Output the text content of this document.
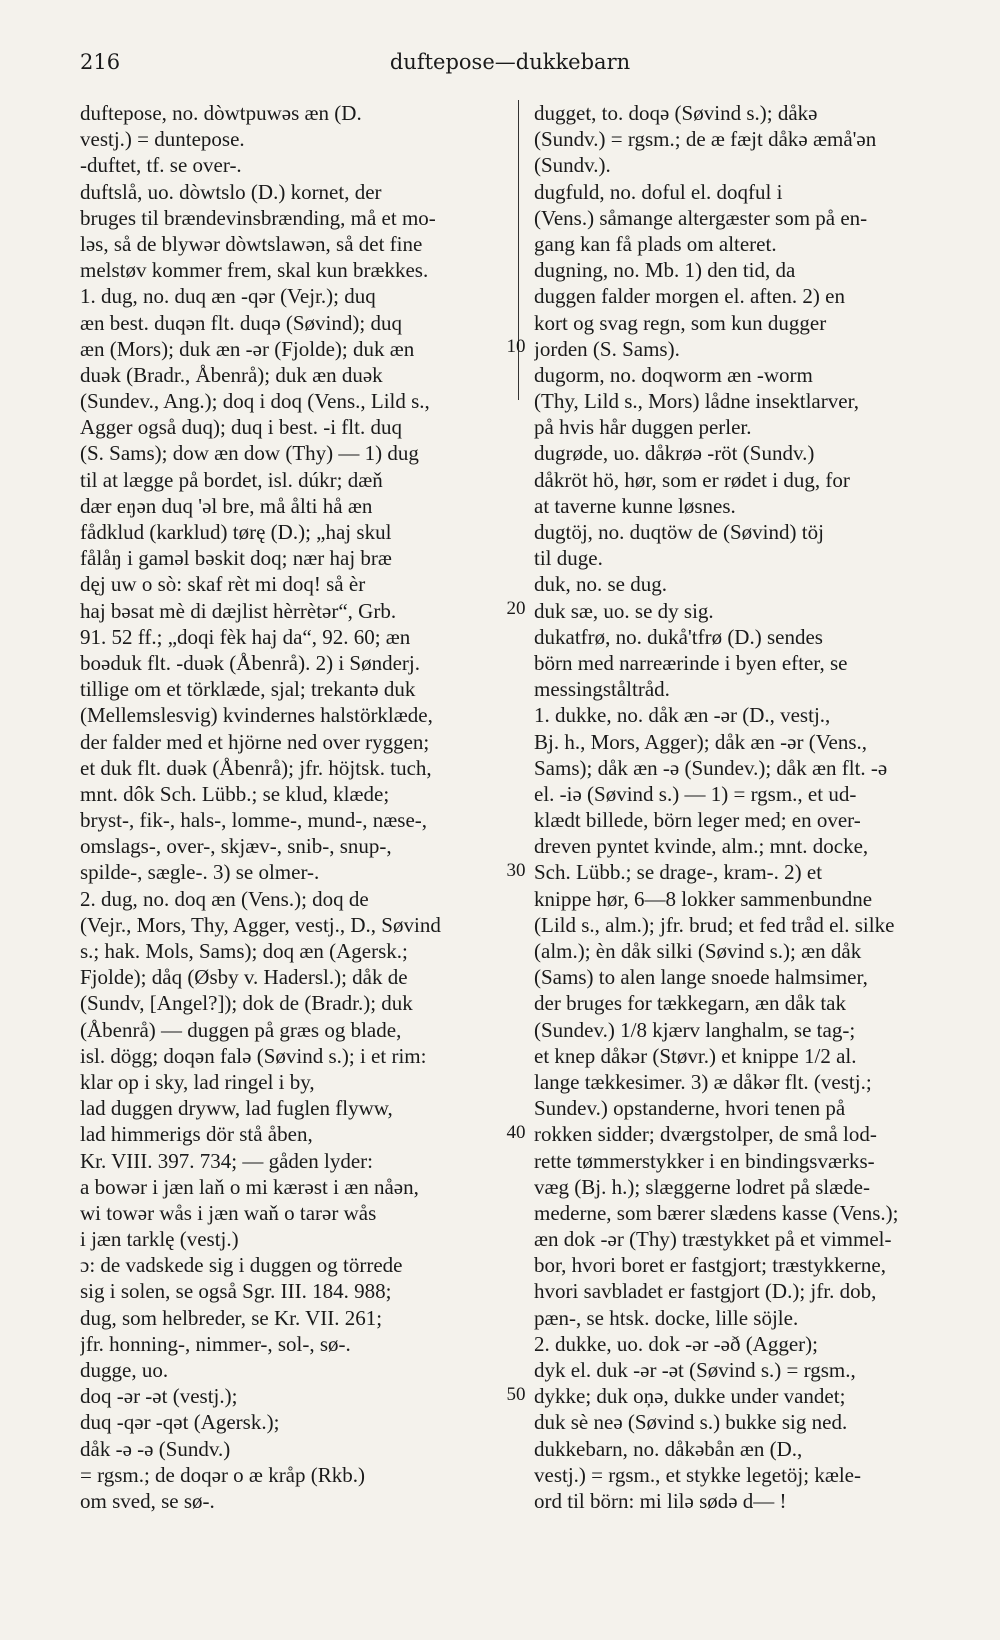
216	duftepose—dukkebarn
duftepose, no. dòwtpuwəs æn (D.
vestj.) = duntepose.
-duftet, tf. se over-.
duftslå, uo. dòwtslo (D.) kornet, der
bruges til brændevinsbrænding, må et mo-
ləs, så de blywər dòwtslawən, så det fine
melstøv kommer frem, skal kun brækkes.
1. dug, no. duq æn -qər (Vejr.); duq
æn best. duqən flt. duqə (Søvind); duq
æn (Mors); duk æn -ər (Fjolde); duk æn
duək (Bradr., Åbenrå); duk æn duək
(Sundev., Ang.); doq i doq (Vens., Lild s.,
Agger også duq); duq i best. -i flt. duq
(S. Sams); dow æn dow (Thy) — 1) dug
til at lægge på bordet, isl. dúkr; dæň
dær eŋən duq 'əl bre, må ålti hå æn
fådklud (karklud) tørę (D.); „haj skul
fålåŋ i gaməl bəskit doq; nær haj bræ
dęj uw o sò: skaf rèt mi doq! så èr
haj bəsat mè di dæjlist hèrrètər“, Grb.
91. 52 ff.; „doqi fèk haj da“, 92. 60; æn
boəduk flt. -duək (Åbenrå). 2) i Sønderj.
tillige om et törklæde, sjal; trekantə duk
(Mellemslesvig) kvindernes halstörklæde,
der falder med et hjörne ned over ryggen;
et duk flt. duək (Åbenrå); jfr. höjtsk. tuch,
mnt. dôk Sch. Lübb.; se klud, klæde;
bryst-, fik-, hals-, lomme-, mund-, næse-,
omslags-, over-, skjæv-, snib-, snup-,
spilde-, sægle-. 3) se olmer-.
2. dug, no. doq æn (Vens.); doq de
(Vejr., Mors, Thy, Agger, vestj., D., Søvind
s.; hak. Mols, Sams); doq æn (Agersk.;
Fjolde); dåq (Øsby v. Hadersl.); dåk de
(Sundv, [Angel?]); dok de (Bradr.); duk
(Åbenrå) — duggen på græs og blade,
isl. dögg; doqən falə (Søvind s.); i et rim:
klar op i sky, lad ringel i by,
lad duggen dryww, lad fuglen flyww,
lad himmerigs dör stå åben,
Kr. VIII. 397. 734; — gåden lyder:
a bowər i jæn laň o mi kærəst i æn nåən,
wi towər wås i jæn waň o tarər wås
i jæn tarklę (vestj.)
ɔ: de vadskede sig i duggen og törrede
sig i solen, se også Sgr. III. 184. 988;
dug, som helbreder, se Kr. VII. 261;
jfr. honning-, nimmer-, sol-, sø-.
dugge, uo.
doq -ər -ət (vestj.);
duq -qər -qət (Agersk.);
dåk -ə -ə (Sundv.)
= rgsm.; de doqər o æ kråp (Rkb.)
om sved, se sø-.
dugget, to. doqə (Søvind s.); dåkə
(Sundv.) = rgsm.; de æ fæjt dåkə æmå'ən
(Sundv.).
dugfuld, no. doful el. doqful i
(Vens.) såmange altergæster som på en-
gang kan få plads om alteret.
dugning, no. Mb. 1) den tid, da
duggen falder morgen el. aften. 2) en
kort og svag regn, som kun dugger
jorden (S. Sams).
dugorm, no. doqworm æn -worm
(Thy, Lild s., Mors) lådne insektlarver,
på hvis hår duggen perler.
dugrøde, uo. dåkrøə -röt (Sundv.)
dåkröt hö, hør, som er rødet i dug, for
at taverne kunne løsnes.
dugtöj, no. duqtöw de (Søvind) töj
til duge.
duk, no. se dug.
duk sæ, uo. se dy sig.
dukatfrø, no. dukå'tfrø (D.) sendes
börn med narreærinde i byen efter, se
messingståltråd.
1. dukke, no. dåk æn -ər (D., vestj.,
Bj. h., Mors, Agger); dåk æn -ər (Vens.,
Sams); dåk æn -ə (Sundev.); dåk æn flt. -ə
el. -iə (Søvind s.) — 1) = rgsm., et ud-
klædt billede, börn leger med; en over-
dreven pyntet kvinde, alm.; mnt. docke,
Sch. Lübb.; se drage-, kram-. 2) et
knippe hør, 6—8 lokker sammenbundne
(Lild s., alm.); jfr. brud; et fed tråd el. silke
(alm.); èn dåk silki (Søvind s.); æn dåk
(Sams) to alen lange snoede halmsimer,
der bruges for tækkegarn, æn dåk tak
(Sundev.) 1/8 kjærv langhalm, se tag-;
et knep dåkər (Støvr.) et knippe 1/2 al.
lange tækkesimer. 3) æ dåkər flt. (vestj.;
Sundev.) opstanderne, hvori tenen på
rokken sidder; dværgstolper, de små lod-
rette tømmerstykker i en bindingsværks-
væg (Bj. h.); slæggerne lodret på slæde-
mederne, som bærer slædens kasse (Vens.);
æn dok -ər (Thy) træstykket på et vimmel-
bor, hvori boret er fastgjort; træstykkerne,
hvori savbladet er fastgjort (D.); jfr. dob,
pæn-, se htsk. docke, lille söjle.
2. dukke, uo. dok -ər -əð (Agger);
dyk el. duk -ər -ət (Søvind s.) = rgsm.,
dykke; duk oņə, dukke under vandet;
duk sè neə (Søvind s.) bukke sig ned.
dukkebarn, no. dåkəbån æn (D.,
vestj.) = rgsm., et stykke legetöj; kæle-
ord til börn: mi lilə sødə d— !
10
20
30
40
50
